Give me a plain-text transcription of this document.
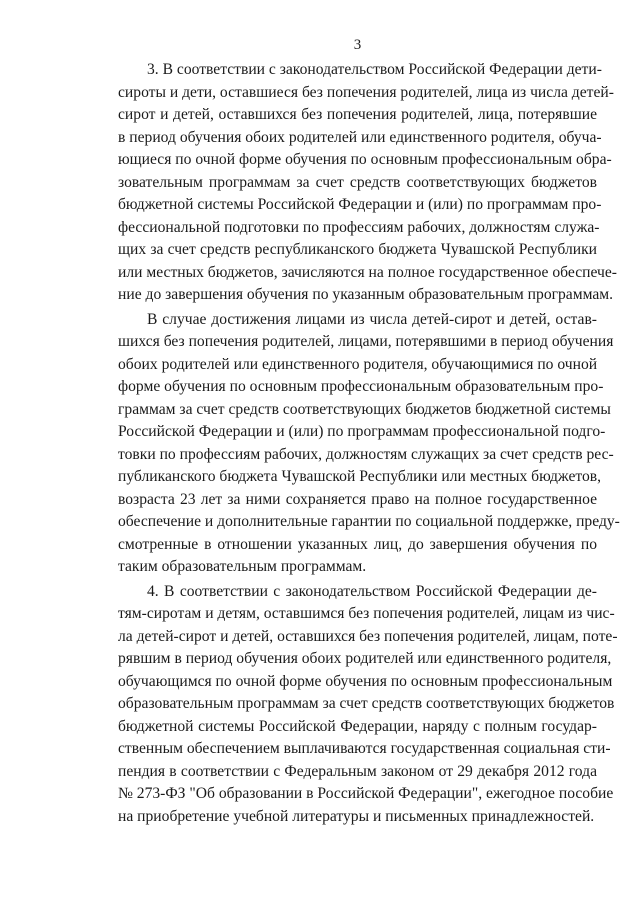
3
3. В соответствии с законодательством Российской Федерации дети-
сироты и дети, оставшиеся без попечения родителей, лица из числа детей-
сирот и детей, оставшихся без попечения родителей, лица, потерявшие
в период обучения обоих родителей или единственного родителя, обуча-
ющиеся по очной форме обучения по основным профессиональным обра-
зовательным программам за счет средств соответствующих бюджетов
бюджетной системы Российской Федерации и (или) по программам про-
фессиональной подготовки по профессиям рабочих, должностям служа-
щих за счет средств республиканского бюджета Чувашской Республики
или местных бюджетов, зачисляются на полное государственное обеспече-
ние до завершения обучения по указанным образовательным программам.
В случае достижения лицами из числа детей-сирот и детей, остав-
шихся без попечения родителей, лицами, потерявшими в период обучения
обоих родителей или единственного родителя, обучающимися по очной
форме обучения по основным профессиональным образовательным про-
граммам за счет средств соответствующих бюджетов бюджетной системы
Российской Федерации и (или) по программам профессиональной подго-
товки по профессиям рабочих, должностям служащих за счет средств рес-
публиканского бюджета Чувашской Республики или местных бюджетов,
возраста 23 лет за ними сохраняется право на полное государственное
обеспечение и дополнительные гарантии по социальной поддержке, преду-
смотренные в отношении указанных лиц, до завершения обучения по
таким образовательным программам.
4. В соответствии с законодательством Российской Федерации де-
тям-сиротам и детям, оставшимся без попечения родителей, лицам из чис-
ла детей-сирот и детей, оставшихся без попечения родителей, лицам, поте-
рявшим в период обучения обоих родителей или единственного родителя,
обучающимся по очной форме обучения по основным профессиональным
образовательным программам за счет средств соответствующих бюджетов
бюджетной системы Российской Федерации, наряду с полным государ-
ственным обеспечением выплачиваются государственная социальная сти-
пендия в соответствии с Федеральным законом от 29 декабря 2012 года
№ 273-ФЗ "Об образовании в Российской Федерации", ежегодное пособие
на приобретение учебной литературы и письменных принадлежностей.
